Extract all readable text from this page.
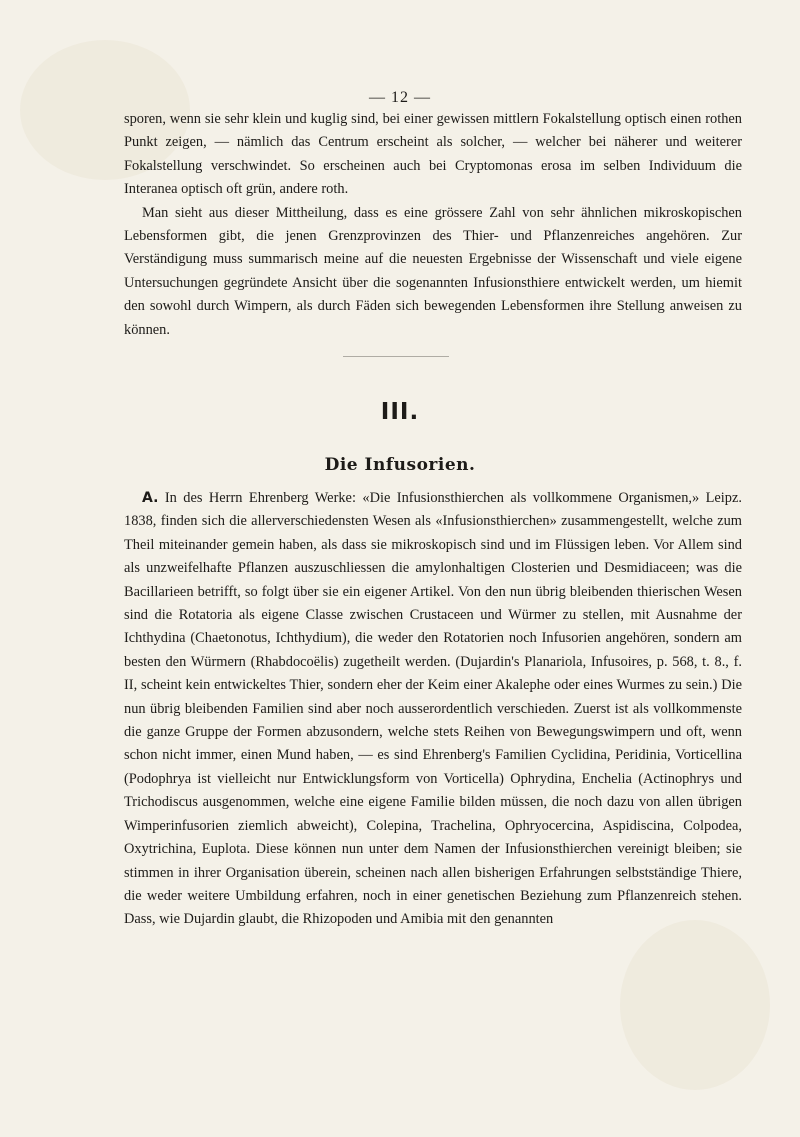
— 12 —

sporen, wenn sie sehr klein und kuglig sind, bei einer gewissen mittlern Fokalstellung optisch einen rothen Punkt zeigen, — nämlich das Centrum erscheint als solcher, — welcher bei näherer und weiterer Fokalstellung verschwindet. So erscheinen auch bei Cryptomonas erosa im selben Individuum die Interanea optisch oft grün, andere roth.

Man sieht aus dieser Mittheilung, dass es eine grössere Zahl von sehr ähnlichen mikroskopischen Lebensformen gibt, die jenen Grenzprovinzen des Thier- und Pflanzenreiches angehören. Zur Verständigung muss summarisch meine auf die neuesten Ergebnisse der Wissenschaft und viele eigene Untersuchungen gegründete Ansicht über die sogenannten Infusionsthiere entwickelt werden, um hiemit den sowohl durch Wimpern, als durch Fäden sich bewegenden Lebensformen ihre Stellung anweisen zu können.

III.
Die Infusorien.

A. In des Herrn Ehrenberg Werke: «Die Infusionsthierchen als vollkommene Organismen,» Leipz. 1838, finden sich die allerverschiedensten Wesen als «Infusionsthierchen» zusammengestellt, welche zum Theil miteinander gemein haben, als dass sie mikroskopisch sind und im Flüssigen leben. Vor Allem sind als unzweifelhafte Pflanzen auszuschliessen die amylonhaltigen Closterien und Desmidiaceen; was die Bacillarieen betrifft, so folgt über sie ein eigener Artikel. Von den nun übrig bleibenden thierischen Wesen sind die Rotatoria als eigene Classe zwischen Crustaceen und Würmer zu stellen, mit Ausnahme der Ichthydina (Chaetonotus, Ichthydium), die weder den Rotatorien noch Infusorien angehören, sondern am besten den Würmern (Rhabdocoëlis) zugetheilt werden. (Dujardin's Planariola, Infusoires, p. 568, t. 8., f. II, scheint kein entwickeltes Thier, sondern eher der Keim einer Akalephe oder eines Wurmes zu sein.) Die nun übrig bleibenden Familien sind aber noch ausserordentlich verschieden. Zuerst ist als vollkommenste die ganze Gruppe der Formen abzusondern, welche stets Reihen von Bewegungswimpern und oft, wenn schon nicht immer, einen Mund haben, — es sind Ehrenberg's Familien Cyclidina, Peridinia, Vorticellina (Podophrya ist vielleicht nur Entwicklungsform von Vorticella) Ophrydina, Enchelia (Actinophrys und Trichodiscus ausgenommen, welche eine eigene Familie bilden müssen, die noch dazu von allen übrigen Wimperinfusorien ziemlich abweicht), Colepina, Trachelina, Ophryocercina, Aspidiscina, Colpodea, Oxytrichina, Euplota. Diese können nun unter dem Namen der Infusionsthierchen vereinigt bleiben; sie stimmen in ihrer Organisation überein, scheinen nach allen bisherigen Erfahrungen selbstständige Thiere, die weder weitere Umbildung erfahren, noch in einer genetischen Beziehung zum Pflanzenreich stehen. Dass, wie Dujardin glaubt, die Rhizopoden und Amibia mit den genannten
